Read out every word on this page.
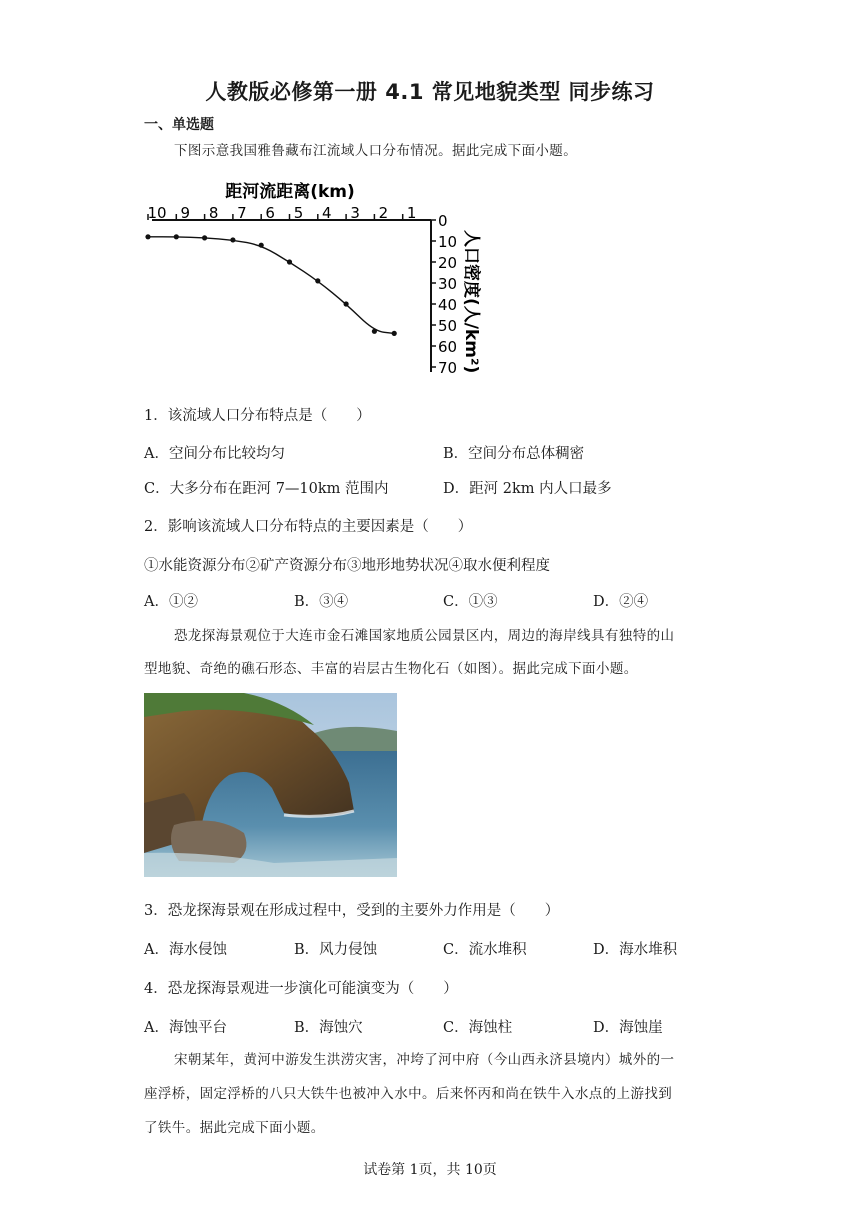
人教版必修第一册 4.1 常见地貌类型 同步练习
一、单选题
下图示意我国雅鲁藏布江流域人口分布情况。据此完成下面小题。
距河流距离(km)
10 9 8 7 6 5 4 3 2 1 0
10
20
30
40
50
60
70 人口密度(人/km²)
1．该流域人口分布特点是（　　）
A．空间分布比较均匀	B．空间分布总体稠密
C．大多分布在距河 7—10km 范围内	D．距河 2km 内人口最多
2．影响该流域人口分布特点的主要因素是（　　）
①水能资源分布②矿产资源分布③地形地势状况④取水便利程度
A．①②	B．③④	C．①③	D．②④
恐龙探海景观位于大连市金石滩国家地质公园景区内，周边的海岸线具有独特的山
型地貌、奇绝的礁石形态、丰富的岩层古生物化石（如图）。据此完成下面小题。
3．恐龙探海景观在形成过程中，受到的主要外力作用是（　　）
A．海水侵蚀	B．风力侵蚀	C．流水堆积	D．海水堆积
4．恐龙探海景观进一步演化可能演变为（　　）
A．海蚀平台	B．海蚀穴	C．海蚀柱	D．海蚀崖
宋朝某年，黄河中游发生洪涝灾害，冲垮了河中府（今山西永济县境内）城外的一
座浮桥，固定浮桥的八只大铁牛也被冲入水中。后来怀丙和尚在铁牛入水点的上游找到
了铁牛。据此完成下面小题。
试卷第 1页，共 10页
